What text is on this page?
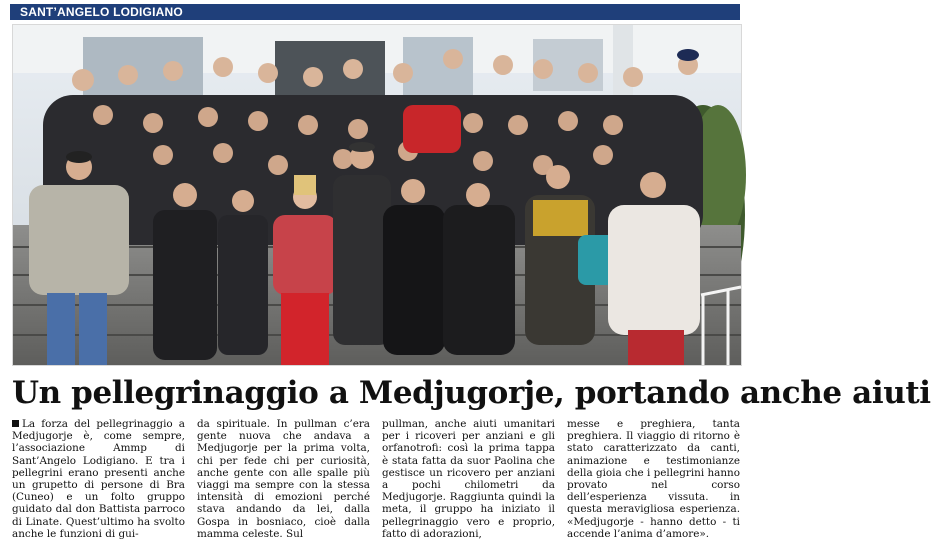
SANT’ANGELO LODIGIANO
Un pellegrinaggio a Medjugorje, portando anche aiuti

La forza del pellegrinaggio a Medjugorje è, come sempre, l’associazione Ammp di Sant’Angelo Lodigiano. E tra i pellegrini erano presenti anche un grupetto di persone di Bra (Cuneo) e un folto gruppo guidato dal don Battista parroco di Linate. Quest’ultimo ha svolto anche le funzioni di gui-

da spirituale. In pullman c’era gente nuova che andava a Medjugorje per la prima volta, chi per fede chi per curiosità, anche gente con alle spalle più viaggi ma sempre con la stessa intensità di emozioni perché stava andando da lei, dalla Gospa in bosniaco, cioè dalla mamma celeste. Sul

pullman, anche aiuti umanitari per i ricoveri per anziani e gli orfanotrofi: così la prima tappa è stata fatta da suor Paolina che gestisce un ricovero per anziani a pochi chilometri da Medjugorje. Raggiunta quindi la meta, il gruppo ha iniziato il pellegrinaggio vero e proprio, fatto di adorazioni,

messe e preghiera, tanta preghiera. Il viaggio di ritorno è stato caratterizzato da canti, animazione e testimonianze della gioia che i pellegrini hanno provato nel corso dell’esperienza vissuta. in questa meravigliosa esperienza. «Medjugorje - hanno detto - ti accende l’anima d’amore».
